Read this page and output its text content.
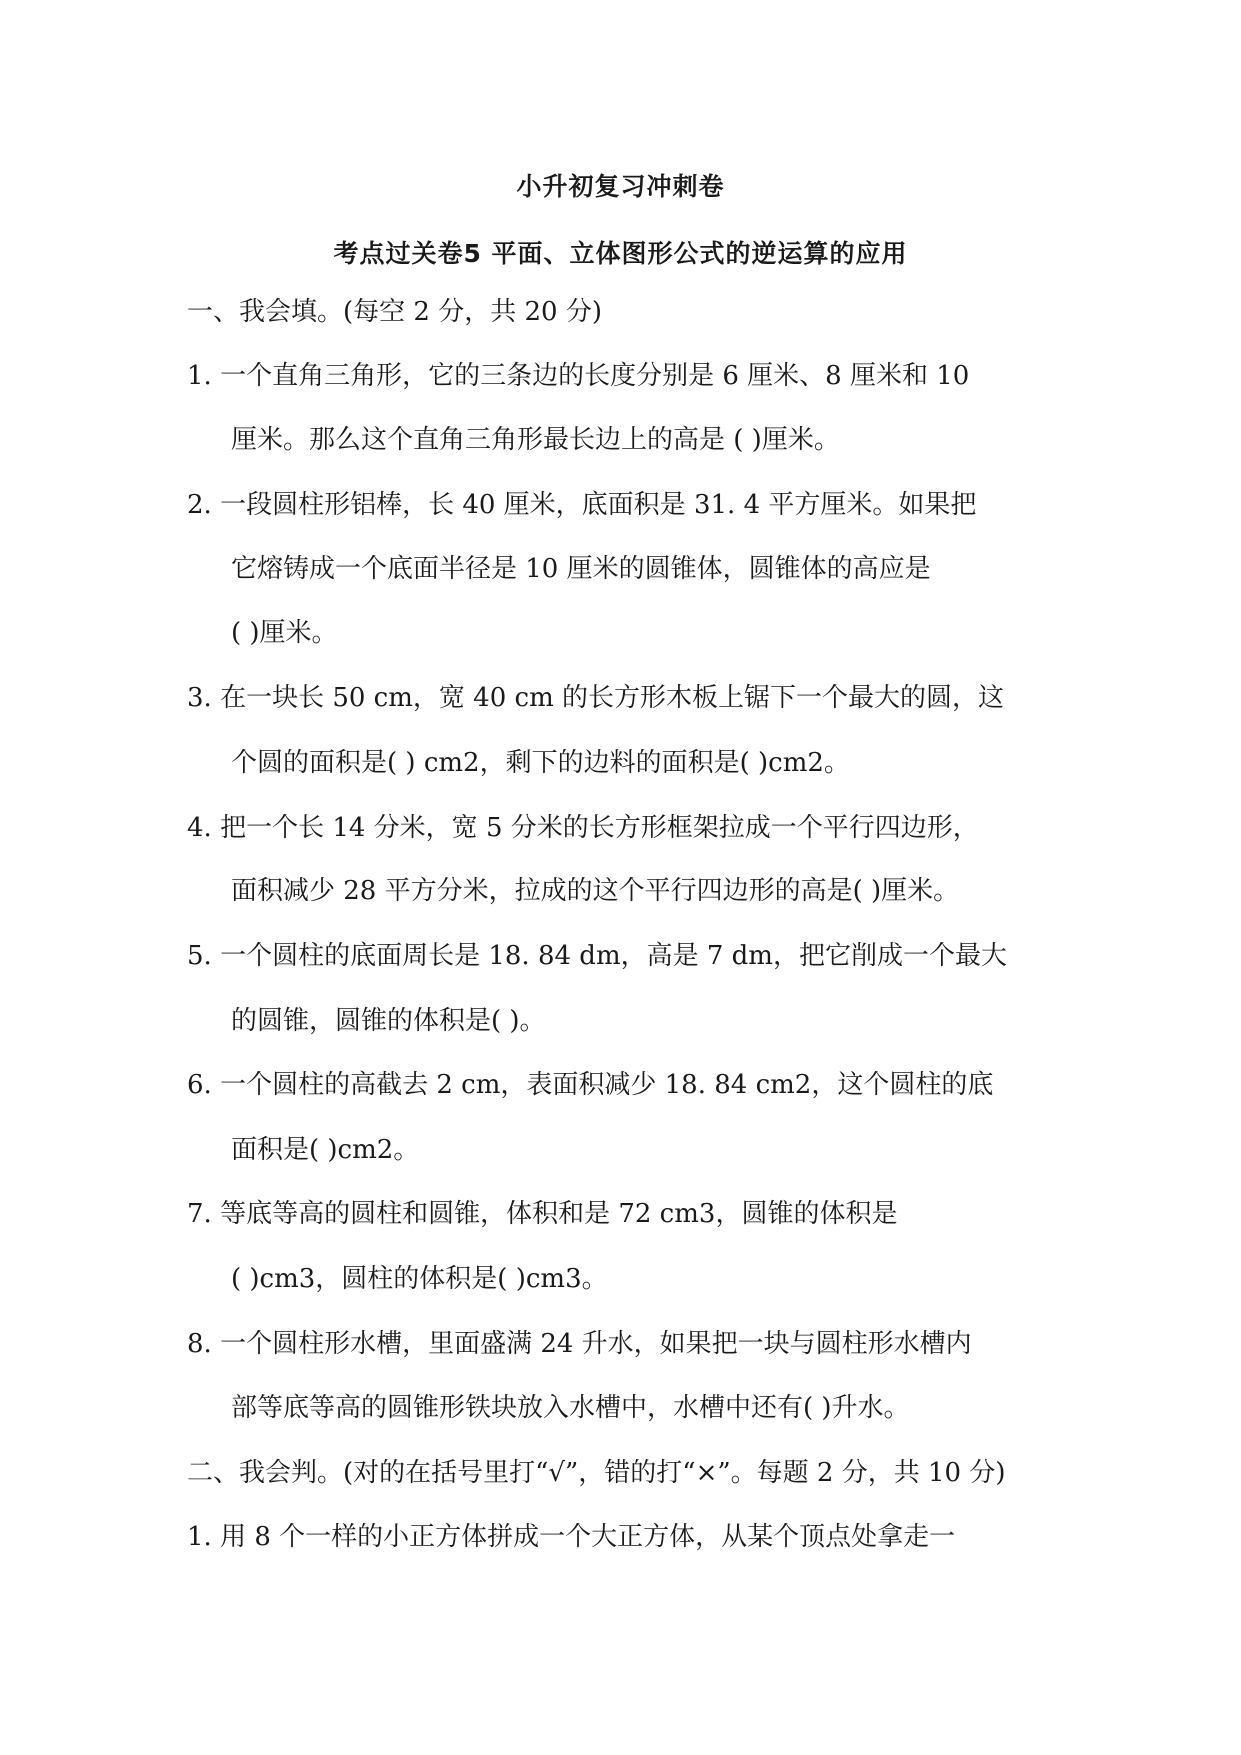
小升初复习冲刺卷
考点过关卷5 平面、立体图形公式的逆运算的应用
一、我会填。(每空 2 分，共 20 分)
1. 一个直角三角形，它的三条边的长度分别是 6 厘米、8 厘米和 10
厘米。那么这个直角三角形最长边上的高是 ( )厘米。
2. 一段圆柱形铝棒，长 40 厘米，底面积是 31. 4 平方厘米。如果把
它熔铸成一个底面半径是 10 厘米的圆锥体，圆锥体的高应是
( )厘米。
3. 在一块长 50 cm，宽 40 cm 的长方形木板上锯下一个最大的圆，这
个圆的面积是( ) cm2，剩下的边料的面积是( )cm2。
4. 把一个长 14 分米，宽 5 分米的长方形框架拉成一个平行四边形，
面积减少 28 平方分米，拉成的这个平行四边形的高是( )厘米。
5. 一个圆柱的底面周长是 18. 84 dm，高是 7 dm，把它削成一个最大
的圆锥，圆锥的体积是( )。
6. 一个圆柱的高截去 2 cm，表面积减少 18. 84 cm2，这个圆柱的底
面积是( )cm2。
7. 等底等高的圆柱和圆锥，体积和是 72 cm3，圆锥的体积是
( )cm3，圆柱的体积是( )cm3。
8. 一个圆柱形水槽，里面盛满 24 升水，如果把一块与圆柱形水槽内
部等底等高的圆锥形铁块放入水槽中，水槽中还有( )升水。
二、我会判。(对的在括号里打“√”，错的打“×”。每题 2 分，共 10 分)
1. 用 8 个一样的小正方体拼成一个大正方体，从某个顶点处拿走一
